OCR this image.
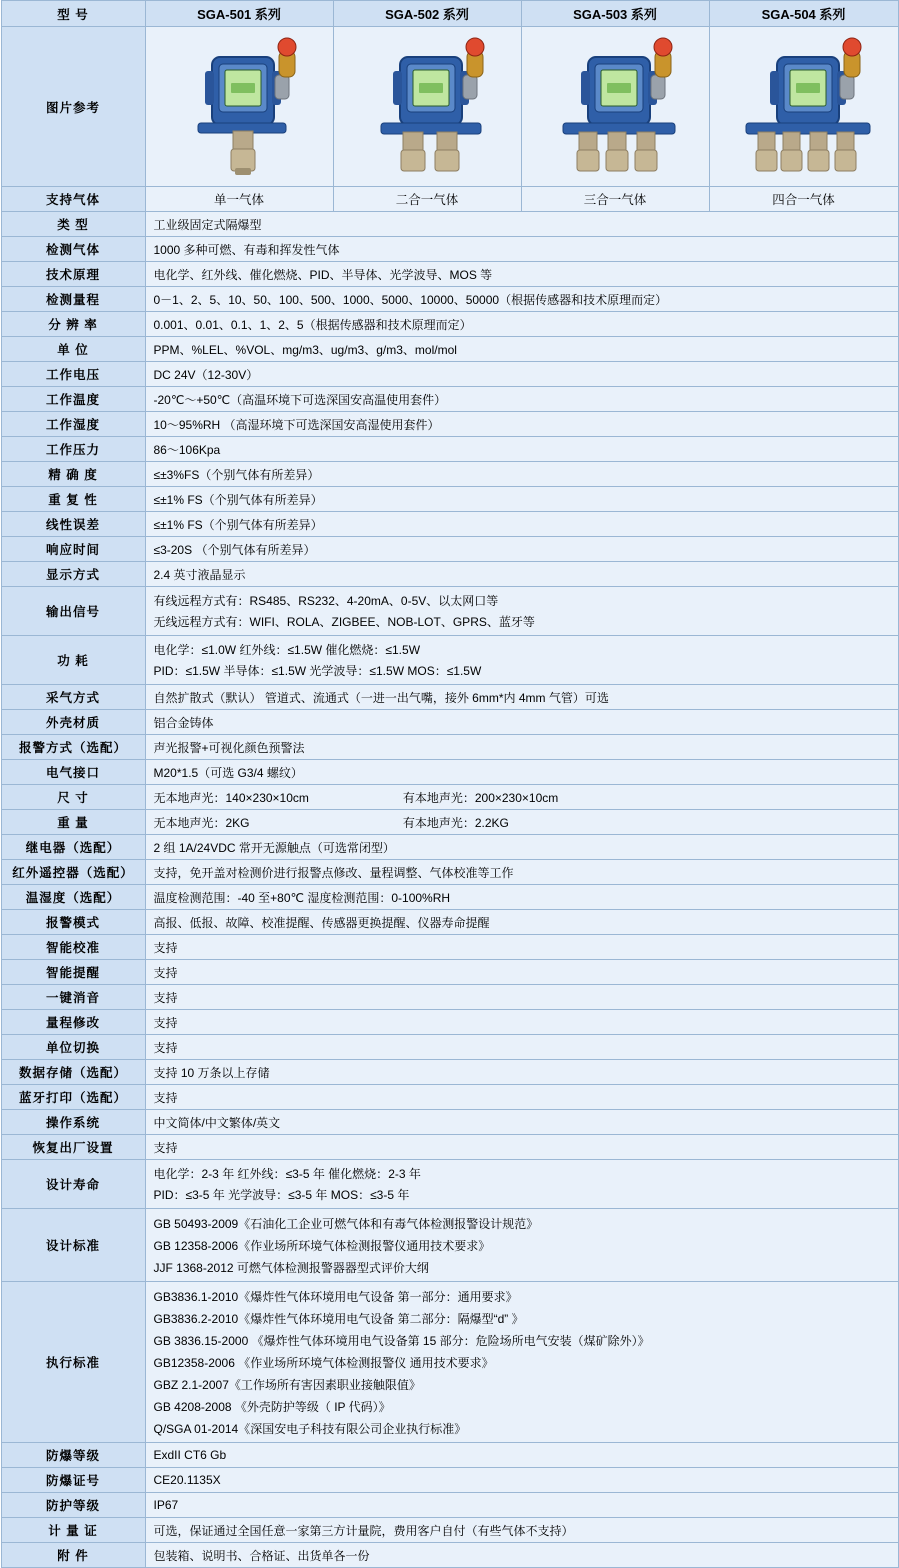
型 号	SGA-501 系列	SGA-502 系列	SGA-503 系列	SGA-504 系列
图片参考				
支持气体	单一气体	二合一气体	三合一气体	四合一气体
类 型	工业级固定式隔爆型			
检测气体	1000 多种可燃、有毒和挥发性气体			
技术原理	电化学、红外线、催化燃烧、PID、半导体、光学波导、MOS 等			
检测量程	0－1、2、5、10、50、100、500、1000、5000、10000、50000（根据传感器和技术原理而定）			
分 辨 率	0.001、0.01、0.1、1、2、5（根据传感器和技术原理而定）			
单 位	PPM、%LEL、%VOL、mg/m3、ug/m3、g/m3、mol/mol			
工作电压	DC 24V（12-30V）			
工作温度	-20℃～+50℃（高温环境下可选深国安高温使用套件）			
工作湿度	10～95%RH （高湿环境下可选深国安高湿使用套件）			
工作压力	86～106Kpa			
精 确 度	≤±3%FS（个别气体有所差异）			
重 复 性	≤±1% FS（个别气体有所差异）			
线性误差	≤±1% FS（个别气体有所差异）			
响应时间	≤3-20S （个别气体有所差异）			
显示方式	2.4 英寸液晶显示			
输出信号	有线远程方式有：RS485、RS232、4-20mA、0-5V、以太网口等
无线远程方式有：WIFI、ROLA、ZIGBEE、NOB-LOT、GPRS、蓝牙等			

功 耗	电化学：≤1.0W 红外线：≤1.5W 催化燃烧：≤1.5W
PID：≤1.5W 半导体：≤1.5W 光学波导：≤1.5W MOS：≤1.5W			

采气方式	自然扩散式（默认） 管道式、流通式（一进一出气嘴，接外 6mm*内 4mm 气管）可选			
外壳材质	铝合金铸体			
报警方式（选配）	声光报警+可视化颜色预警法			
电气接口	M20*1.5（可选 G3/4 螺纹）			
尺 寸	无本地声光：140×230×10cm 有本地声光：200×230×10cm			
重 量	无本地声光：2KG 有本地声光：2.2KG			
继电器（选配）	2 组 1A/24VDC 常开无源触点（可选常闭型）			
红外遥控器（选配）	支持，免开盖对检测价进行报警点修改、量程调整、气体校准等工作			
温湿度（选配）	温度检测范围：-40 至+80℃ 湿度检测范围：0-100%RH			
报警模式	高报、低报、故障、校准提醒、传感器更换提醒、仪器寿命提醒			
智能校准	支持			
智能提醒	支持			
一键消音	支持			
量程修改	支持			
单位切换	支持			
数据存储（选配）	支持 10 万条以上存储			
蓝牙打印（选配）	支持			
操作系统	中文简体/中文繁体/英文			
恢复出厂设置	支持			
设计寿命	电化学：2-3 年 红外线：≤3-5 年 催化燃烧：2-3 年
PID：≤3-5 年 光学波导：≤3-5 年 MOS：≤3-5 年			

设计标准	GB 50493-2009《石油化工企业可燃气体和有毒气体检测报警设计规范》
GB 12358-2006《作业场所环境气体检测报警仪通用技术要求》
JJF 1368-2012 可燃气体检测报警器器型式评价大纲			

执行标准	
GB3836.1-2010《爆炸性气体环境用电气设备 第一部分：通用要求》
GB3836.2-2010《爆炸性气体环境用电气设备 第二部分：隔爆型“d” 》
GB 3836.15-2000 《爆炸性气体环境用电气设备第 15 部分：危险场所电气安装（煤矿除外）》
GB12358-2006 《作业场所环境气体检测报警仪 通用技术要求》
GBZ 2.1-2007《工作场所有害因素职业接触限值》
GB 4208-2008 《外壳防护等级（ IP 代码）》
Q/SGA 01-2014《深国安电子科技有限公司企业执行标准》

防爆等级	ExdII CT6 Gb			
防爆证号	CE20.1135X			
防护等级	IP67			
计 量 证	可选，保证通过全国任意一家第三方计量院，费用客户自付（有些气体不支持）			
附 件	包装箱、说明书、合格证、出货单各一份			
